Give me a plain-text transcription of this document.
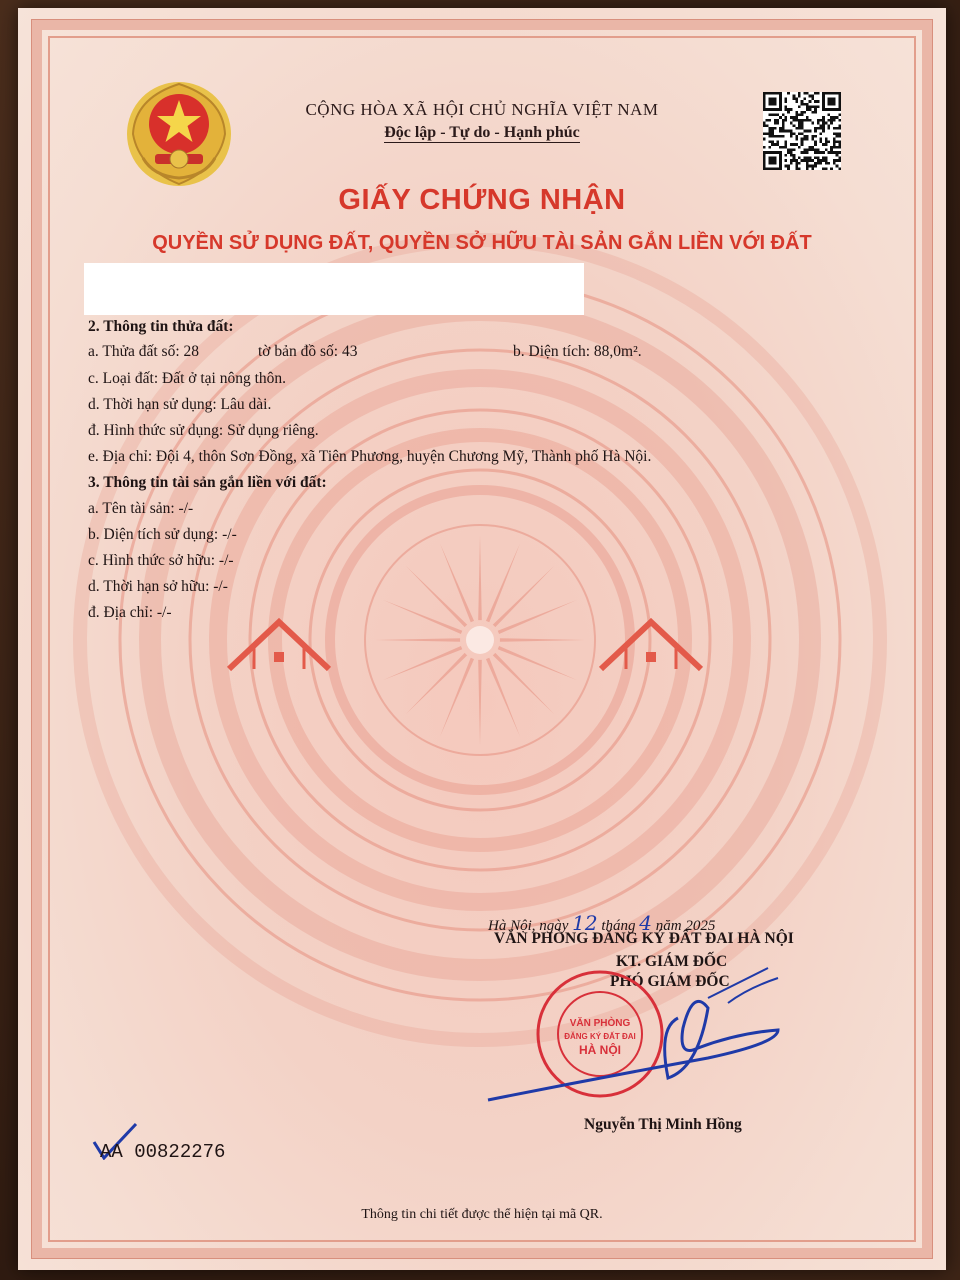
CỘNG HÒA XÃ HỘI CHỦ NGHĨA VIỆT NAM
Độc lập - Tự do - Hạnh phúc
GIẤY CHỨNG NHẬN
QUYỀN SỬ DỤNG ĐẤT, QUYỀN SỞ HỮU TÀI SẢN GẮN LIỀN VỚI ĐẤT
2. Thông tin thửa đất:
a. Thửa đất số: 28	tờ bản đồ số: 43	b. Diện tích: 88,0m².
c. Loại đất: Đất ở tại nông thôn.
d. Thời hạn sử dụng: Lâu dài.
đ. Hình thức sử dụng: Sử dụng riêng.
e. Địa chỉ: Đội 4, thôn Sơn Đồng, xã Tiên Phương, huyện Chương Mỹ, Thành phố Hà Nội.
3. Thông tin tài sản gắn liền với đất:
a. Tên tài sản: -/-
b. Diện tích sử dụng: -/-
c. Hình thức sở hữu: -/-
d. Thời hạn sở hữu: -/-
đ. Địa chỉ: -/-
Hà Nội, ngày 12 tháng 4 năm 2025
VĂN PHÒNG ĐĂNG KÝ ĐẤT ĐAI HÀ NỘI
KT. GIÁM ĐỐC
PHÓ GIÁM ĐỐC
VĂN PHÒNG
ĐĂNG KÝ ĐẤT ĐAI
HÀ NỘI
Nguyễn Thị Minh Hồng
AA 00822276
Thông tin chi tiết được thể hiện tại mã QR.
